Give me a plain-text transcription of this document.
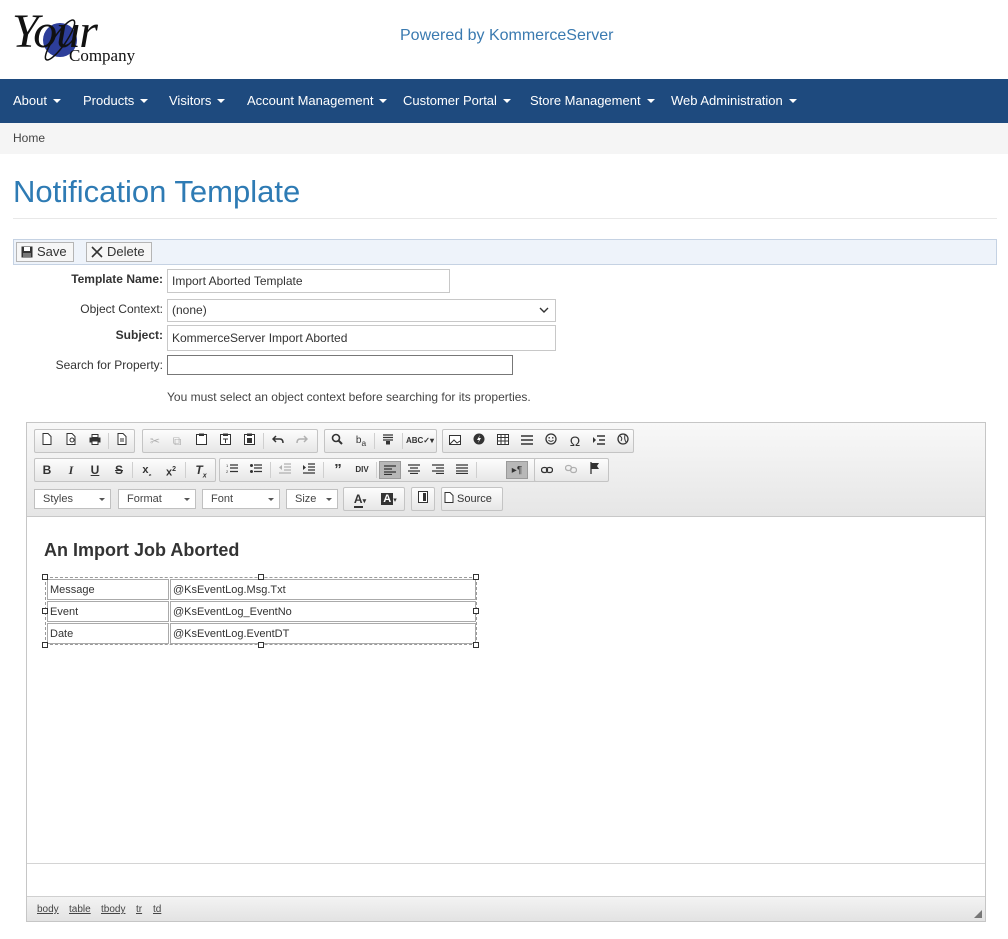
Your
Company
Powered by KommerceServer
About	Products	Visitors	Account Management	Customer Portal	Store Management	Web Administration
Home
Notification Template
Save	Delete
Template Name:
Import Aborted Template
Object Context: (none)
Subject:
KommerceServer Import Aborted
Search for Property:
You must select an object context before searching for its properties.
✂	⧉	$b_a$	ABC✓▾	Ω
B	I	U	S	$x_{_2}$	$x^2$	$T_x$
1
2	”	DIV	▸¶
Styles	Format	Font	Size	A▾	A ▾	Source
An Import Job Aborted
Message	@KsEventLog.Msg.Txt
Event	@KsEventLog_EventNo
Date	@KsEventLog.EventDT
body table tbody tr td
